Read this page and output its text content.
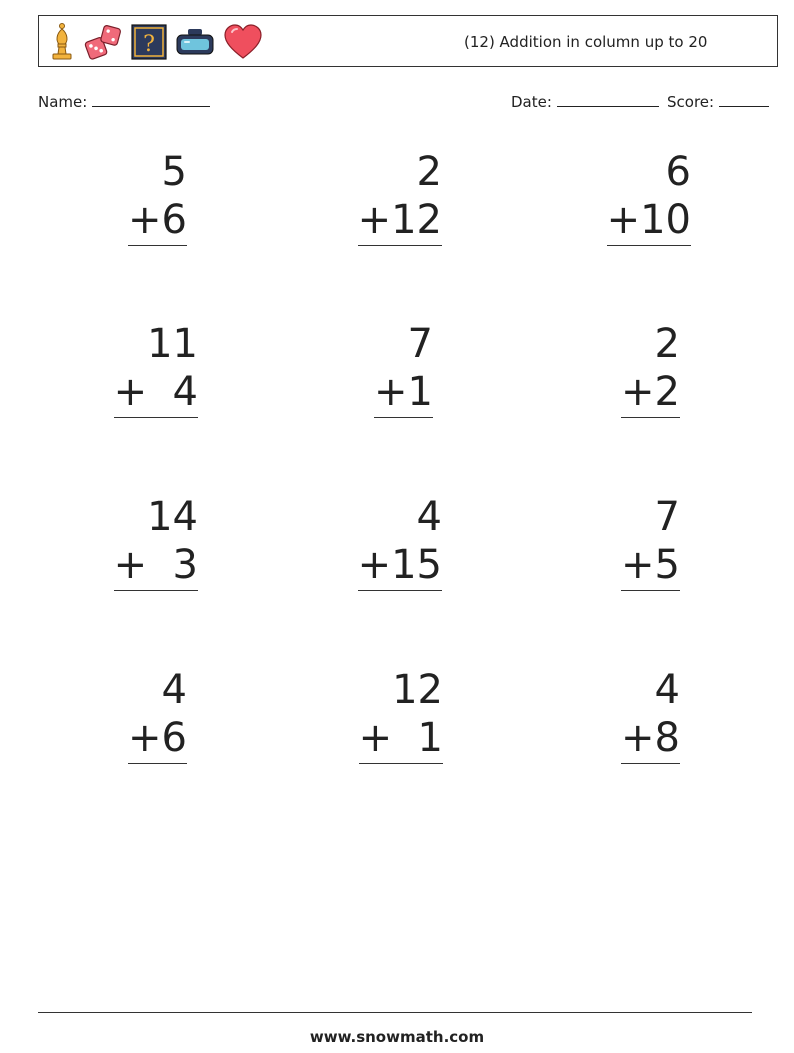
?	(12) Addition in column up to 20
Name:	Date:	Score:
5
+6
2
+12
6
+10
11
+  4
7
+1
2
+2
14
+  3
4
+15
7
+5
4
+6
12
+  1
4
+8
www.snowmath.com
